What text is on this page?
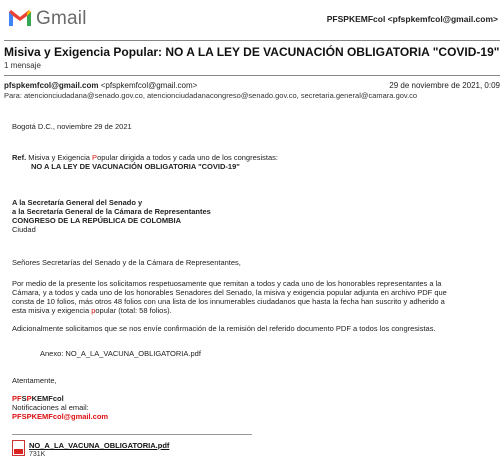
Gmail	PFSPKEMFcol <pfspkemfcol@gmail.com>
Misiva y Exigencia Popular: NO A LA LEY DE VACUNACIÓN OBLIGATORIA "COVID-19"
1 mensaje
pfspkemfcol@gmail.com <pfspkemfcol@gmail.com>	29 de noviembre de 2021, 0:09
Para: atencionciudadana@senado.gov.co, atencionciudadanacongreso@senado.gov.co, secretaria.general@camara.gov.co
Bogotá D.C., noviembre 29 de 2021
Ref. Misiva y Exigencia Popular dirigida a todos y cada uno de los congresistas:
NO A LA LEY DE VACUNACIÓN OBLIGATORIA "COVID-19"
A la Secretaría General del Senado y
a la Secretaría General de la Cámara de Representantes
CONGRESO DE LA REPÚBLICA DE COLOMBIA
Ciudad
Señores Secretarías del Senado y de la Cámara de Representantes,
Por medio de la presente los solicitamos respetuosamente que remitan a todos y cada uno de los honorables representantes a la
Cámara, y a todos y cada uno de los honorables Senadores del Senado, la misiva y exigencia popular adjunta en archivo PDF que
consta de 10 folios, más otros 48 folios con una lista de los innumerables ciudadanos que hasta la fecha han suscrito y adherido a
esta misiva y exigencia popular (total: 58 folios).
Adicionalmente solicitamos que se nos envíe confirmación de la remisión del referido documento PDF a todos los congresistas.
Anexo: NO_A_LA_VACUNA_OBLIGATORIA.pdf
Atentamente,
PFSPKEMFcol
Notificaciones al email:
PFSPKEMFcol@gmail.com
NO_A_LA_VACUNA_OBLIGATORIA.pdf
731K
